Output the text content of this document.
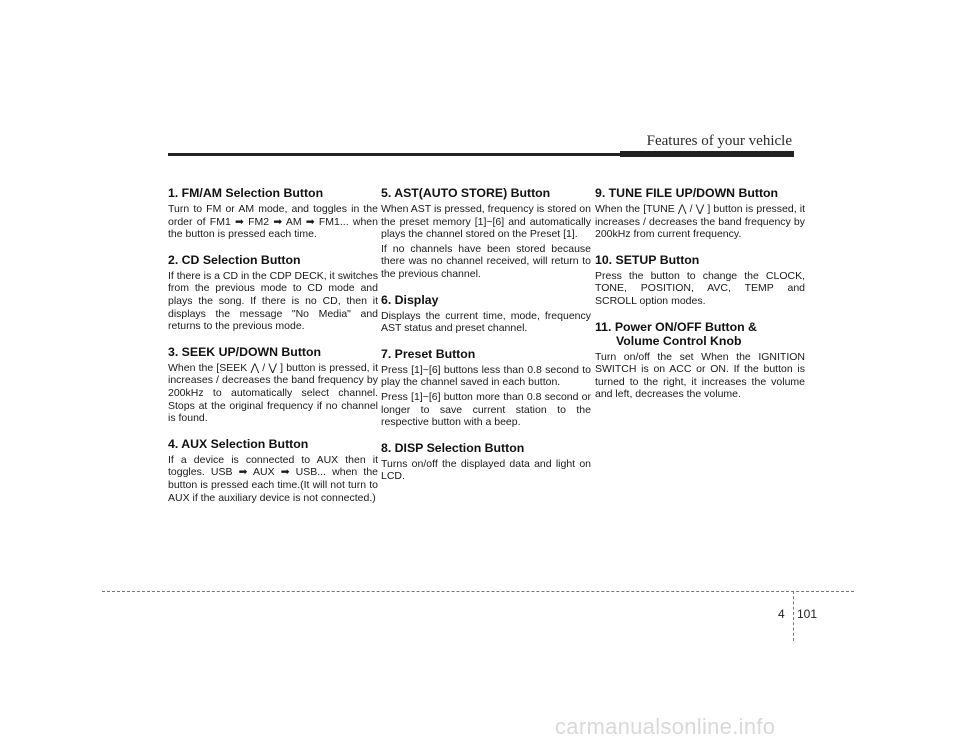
Features of your vehicle
1. FM/AM Selection Button

Turn to FM or AM mode, and toggles in the order of FM1 ➡ FM2 ➡ AM ➡ FM1... when the button is pressed each time.

2. CD Selection Button

If there is a CD in the CDP DECK, it switches from the previous mode to CD mode and plays the song. If there is no CD, then it displays the message "No Media" and returns to the previous mode.

3. SEEK UP/DOWN Button

When the [SEEK ⋀ / ⋁ ] button is pressed, it increases / decreases the band frequency by 200kHz to automatically select channel. Stops at the original frequency if no channel is found.

4. AUX Selection Button

If a device is connected to AUX then it toggles. USB ➡ AUX ➡ USB... when the button is pressed each time.(It will not turn to AUX if the auxiliary device is not connected.)

5. AST(AUTO STORE) Button

When AST is pressed, frequency is stored on the preset memory [1]~[6] and automatically plays the channel stored on the Preset [1].

If no channels have been stored because there was no channel received, will return to the previous channel.

6. Display

Displays the current time, mode, frequency AST status and preset channel.

7. Preset Button

Press [1]~[6] buttons less than 0.8 second to play the channel saved in each button.

Press [1]~[6] button more than 0.8 second or longer to save current station to the respective button with a beep.

8. DISP Selection Button

Turns on/off the displayed data and light on LCD.

9. TUNE FILE UP/DOWN Button

When the [TUNE ⋀ / ⋁ ] button is pressed, it increases / decreases the band frequency by 200kHz from current frequency.

10. SETUP Button

Press the button to change the CLOCK, TONE, POSITION, AVC, TEMP and SCROLL option modes.

11. Power ON/OFF Button &
Volume Control Knob

Turn on/off the set When the IGNITION SWITCH is on ACC or ON. If the button is turned to the right, it increases the volume and left, decreases the volume.

4 101
carmanualsonline.info
